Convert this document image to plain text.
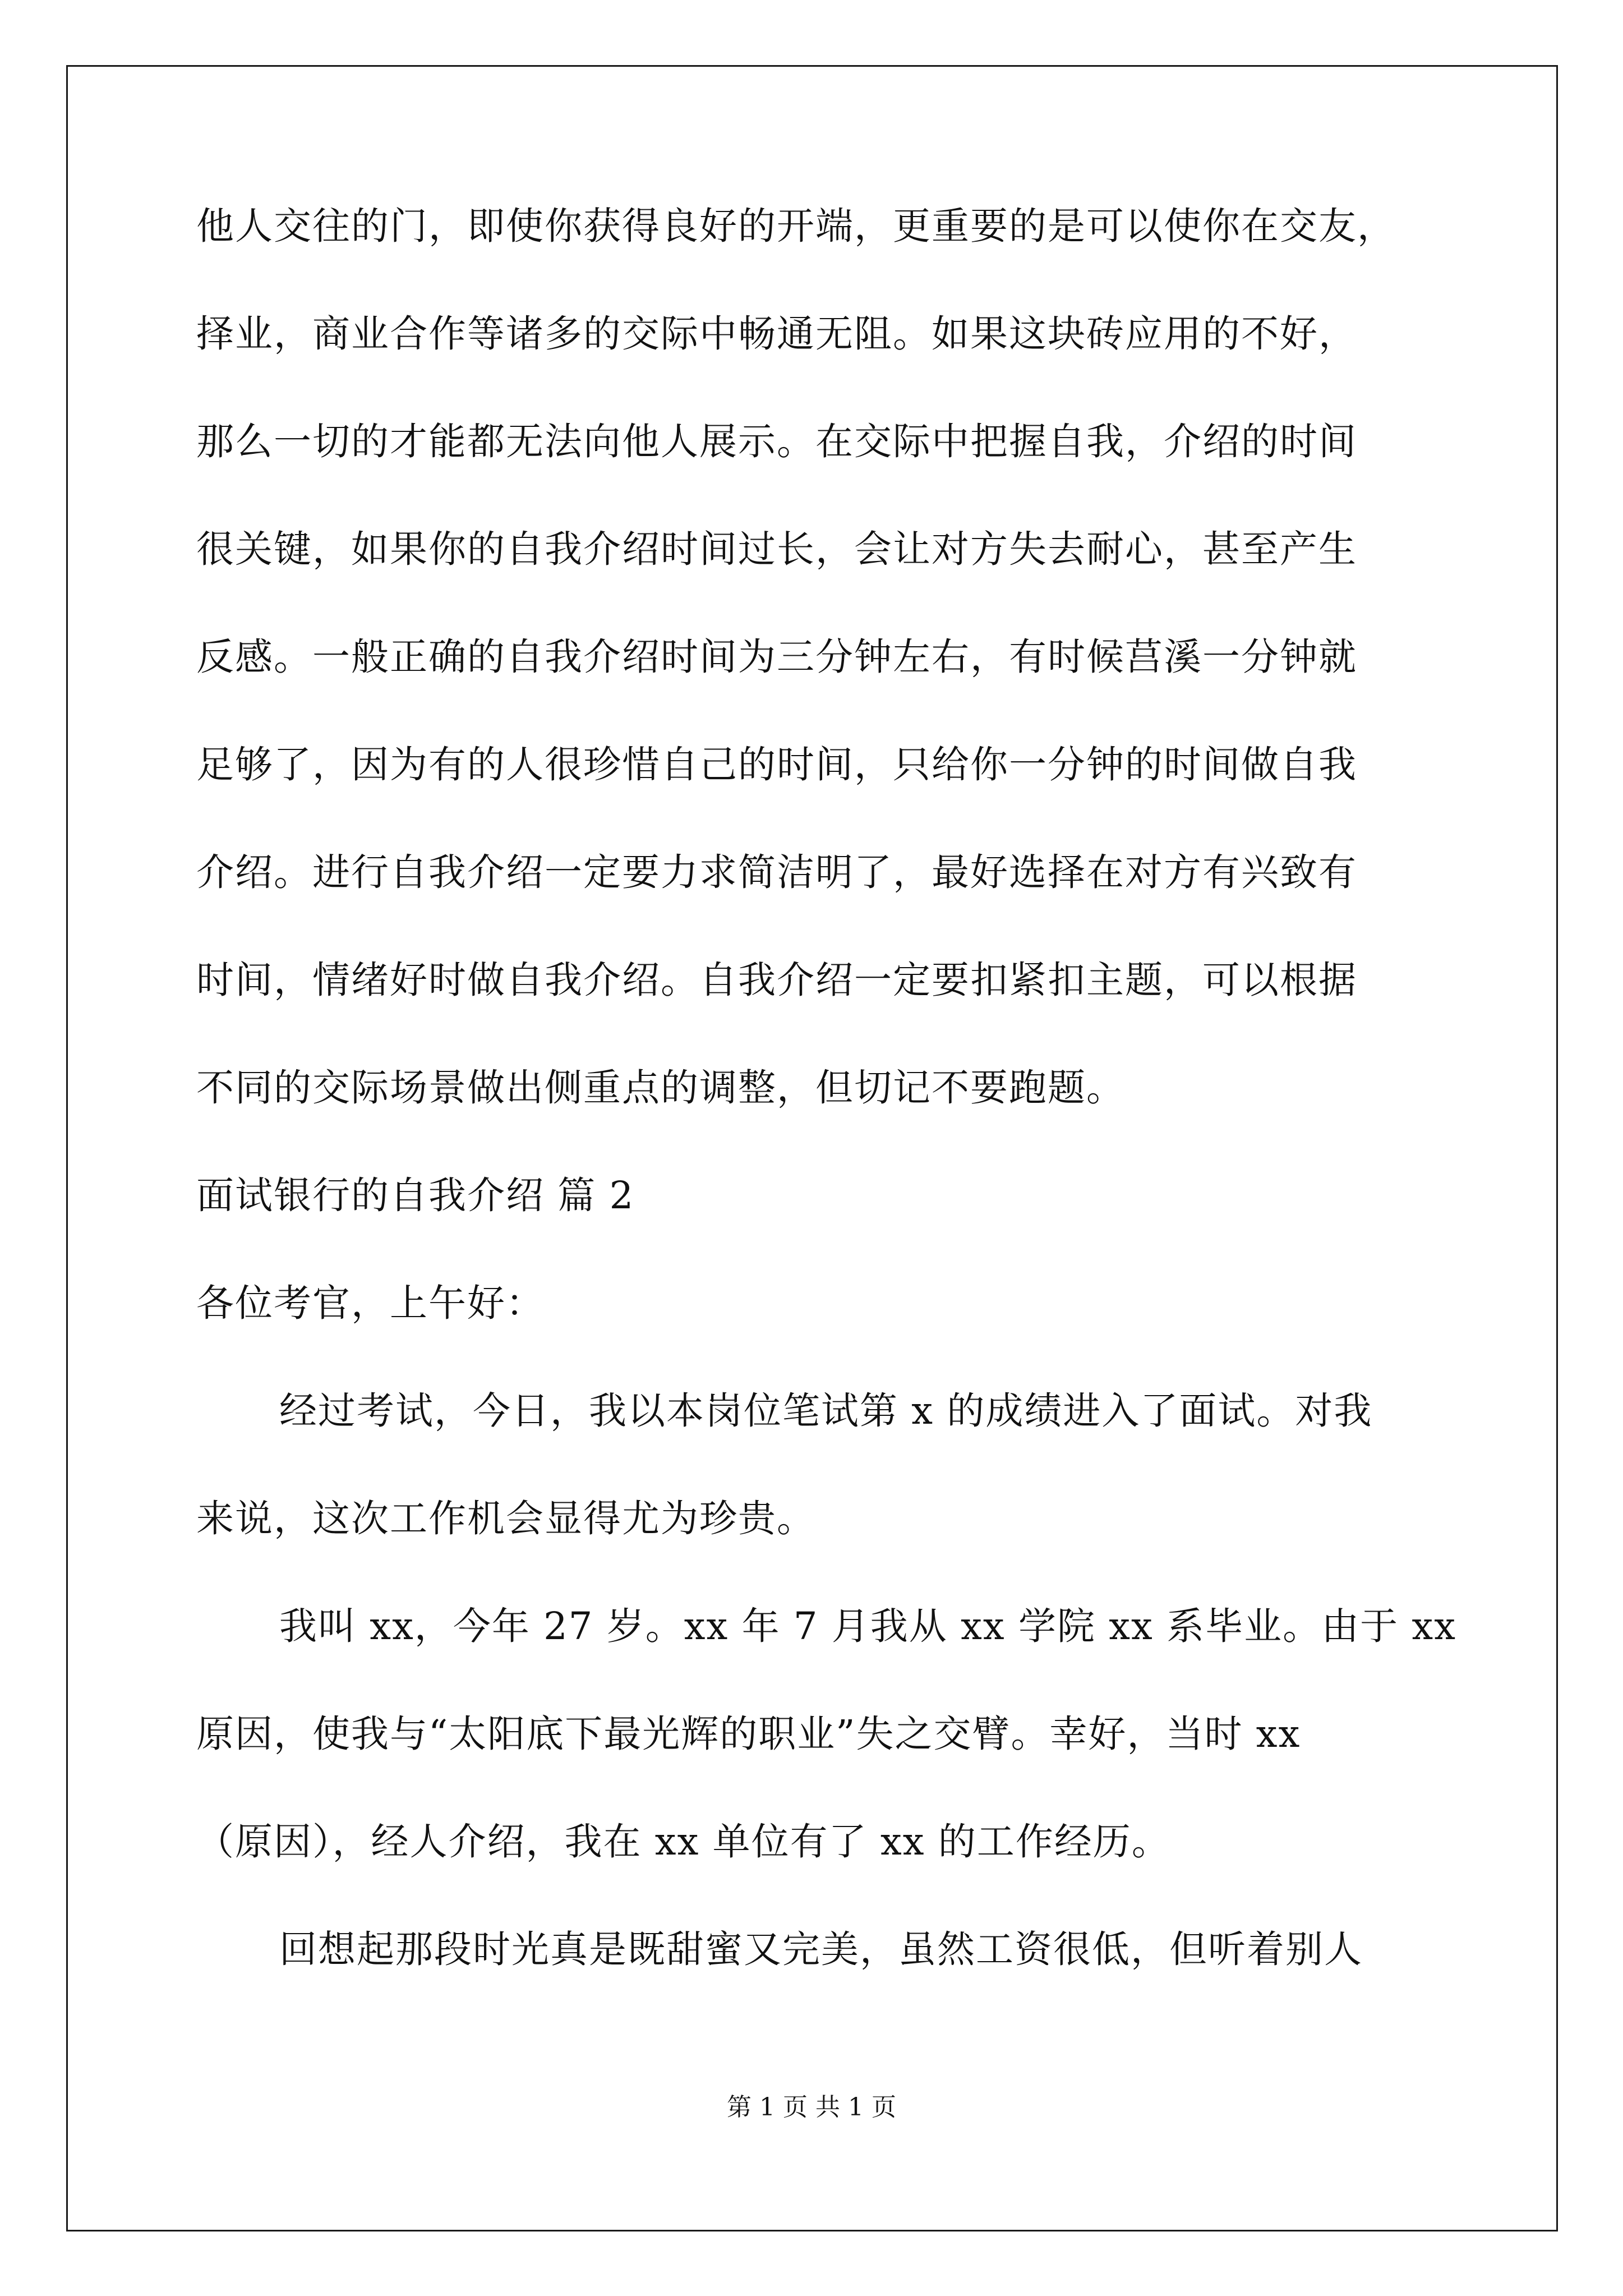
他人交往的门，即使你获得良好的开端，更重要的是可以使你在交友，
择业，商业合作等诸多的交际中畅通无阻。如果这块砖应用的不好，
那么一切的才能都无法向他人展示。在交际中把握自我，介绍的时间
很关键，如果你的自我介绍时间过长，会让对方失去耐心，甚至产生
反感。一般正确的自我介绍时间为三分钟左右，有时候莒溪一分钟就
足够了，因为有的人很珍惜自己的时间，只给你一分钟的时间做自我
介绍。进行自我介绍一定要力求简洁明了，最好选择在对方有兴致有
时间，情绪好时做自我介绍。自我介绍一定要扣紧扣主题，可以根据
不同的交际场景做出侧重点的调整，但切记不要跑题。
面试银行的自我介绍 篇 2
各位考官，上午好：
经过考试，今日，我以本岗位笔试第 x 的成绩进入了面试。对我
来说，这次工作机会显得尤为珍贵。
我叫 xx，今年 27 岁。xx 年 7 月我从 xx 学院 xx 系毕业。由于 xx
原因，使我与“太阳底下最光辉的职业”失之交臂。幸好，当时 xx
（原因），经人介绍，我在 xx 单位有了 xx 的工作经历。
回想起那段时光真是既甜蜜又完美，虽然工资很低，但听着别人
第 1 页 共 1 页
